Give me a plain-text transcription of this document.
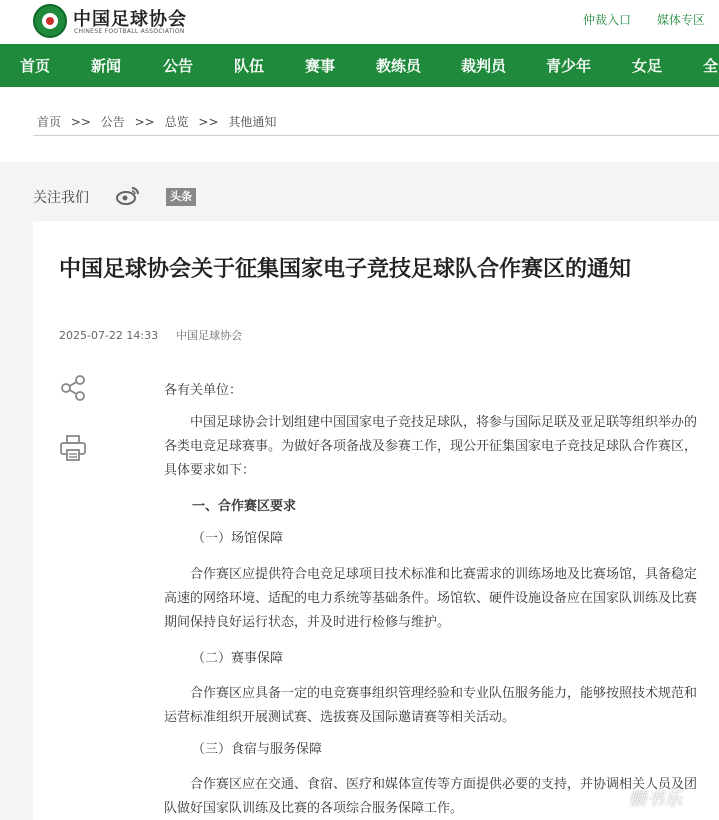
中国足球协会
CHINESE FOOTBALL ASSOCIATION
仲裁入口 媒体专区
首页	新闻	公告	队伍	赛事	教练员	裁判员	青少年	女足	全
首页 >> 公告 >> 总览 >> 其他通知
关注我们	头条
中国足球协会关于征集国家电子竞技足球队合作赛区的通知
2025-07-22 14:33 中国足球协会
各有关单位：
中国足球协会计划组建中国国家电子竞技足球队，将参与国际足联及亚足联等组织举办的各类电竞足球赛事。为做好各项备战及参赛工作，现公开征集国家电子竞技足球队合作赛区，具体要求如下：
一、合作赛区要求
（一）场馆保障
合作赛区应提供符合电竞足球项目技术标准和比赛需求的训练场地及比赛场馆，具备稳定高速的网络环境、适配的电力系统等基础条件。场馆软、硬件设施设备应在国家队训练及比赛期间保持良好运行状态，并及时进行检修与维护。
（二）赛事保障
合作赛区应具备一定的电竞赛事组织管理经验和专业队伍服务能力，能够按照技术规范和运营标准组织开展测试赛、选拔赛及国际邀请赛等相关活动。
（三）食宿与服务保障
合作赛区应在交通、食宿、医疗和媒体宣传等方面提供必要的支持，并协调相关人员及团队做好国家队训练及比赛的各项综合服务保障工作。	懒书乐
